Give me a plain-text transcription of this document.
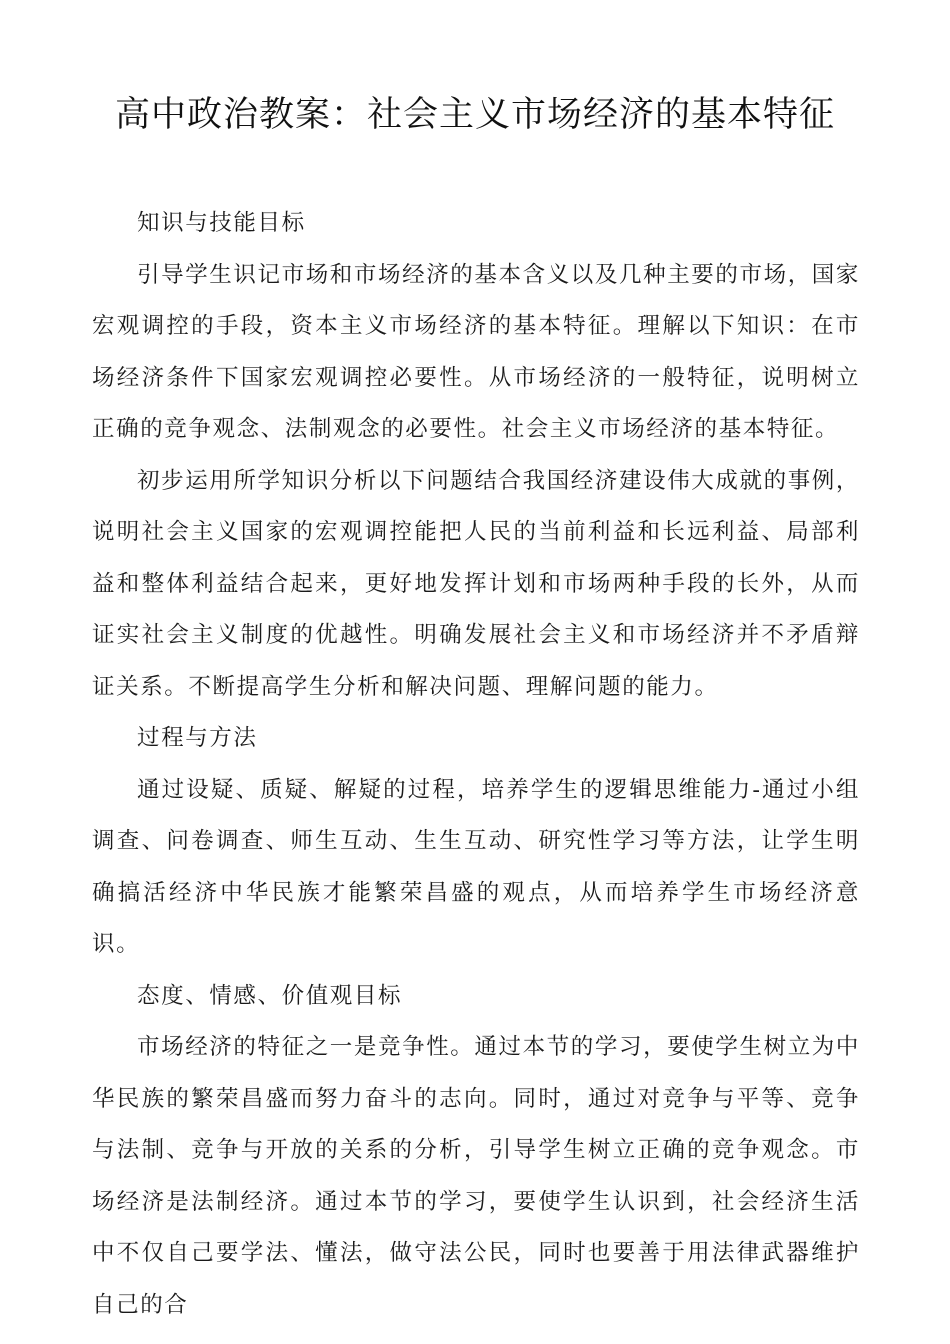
高中政治教案：社会主义市场经济的基本特征

知识与技能目标

引导学生识记市场和市场经济的基本含义以及几种主要的市场，国家宏观调控的手段，资本主义市场经济的基本特征。理解以下知识：在市场经济条件下国家宏观调控必要性。从市场经济的一般特征，说明树立正确的竞争观念、法制观念的必要性。社会主义市场经济的基本特征。

初步运用所学知识分析以下问题结合我国经济建设伟大成就的事例，说明社会主义国家的宏观调控能把人民的当前利益和长远利益、局部利益和整体利益结合起来，更好地发挥计划和市场两种手段的长外，从而证实社会主义制度的优越性。明确发展社会主义和市场经济并不矛盾辩证关系。不断提高学生分析和解决问题、理解问题的能力。

过程与方法

通过设疑、质疑、解疑的过程，培养学生的逻辑思维能力-通过小组调查、问卷调查、师生互动、生生互动、研究性学习等方法，让学生明确搞活经济中华民族才能繁荣昌盛的观点，从而培养学生市场经济意识。

态度、情感、价值观目标

市场经济的特征之一是竞争性。通过本节的学习，要使学生树立为中华民族的繁荣昌盛而努力奋斗的志向。同时，通过对竞争与平等、竞争与法制、竞争与开放的关系的分析，引导学生树立正确的竞争观念。市场经济是法制经济。通过本节的学习，要使学生认识到，社会经济生活中不仅自己要学法、懂法，做守法公民，同时也要善于用法律武器维护自己的合
